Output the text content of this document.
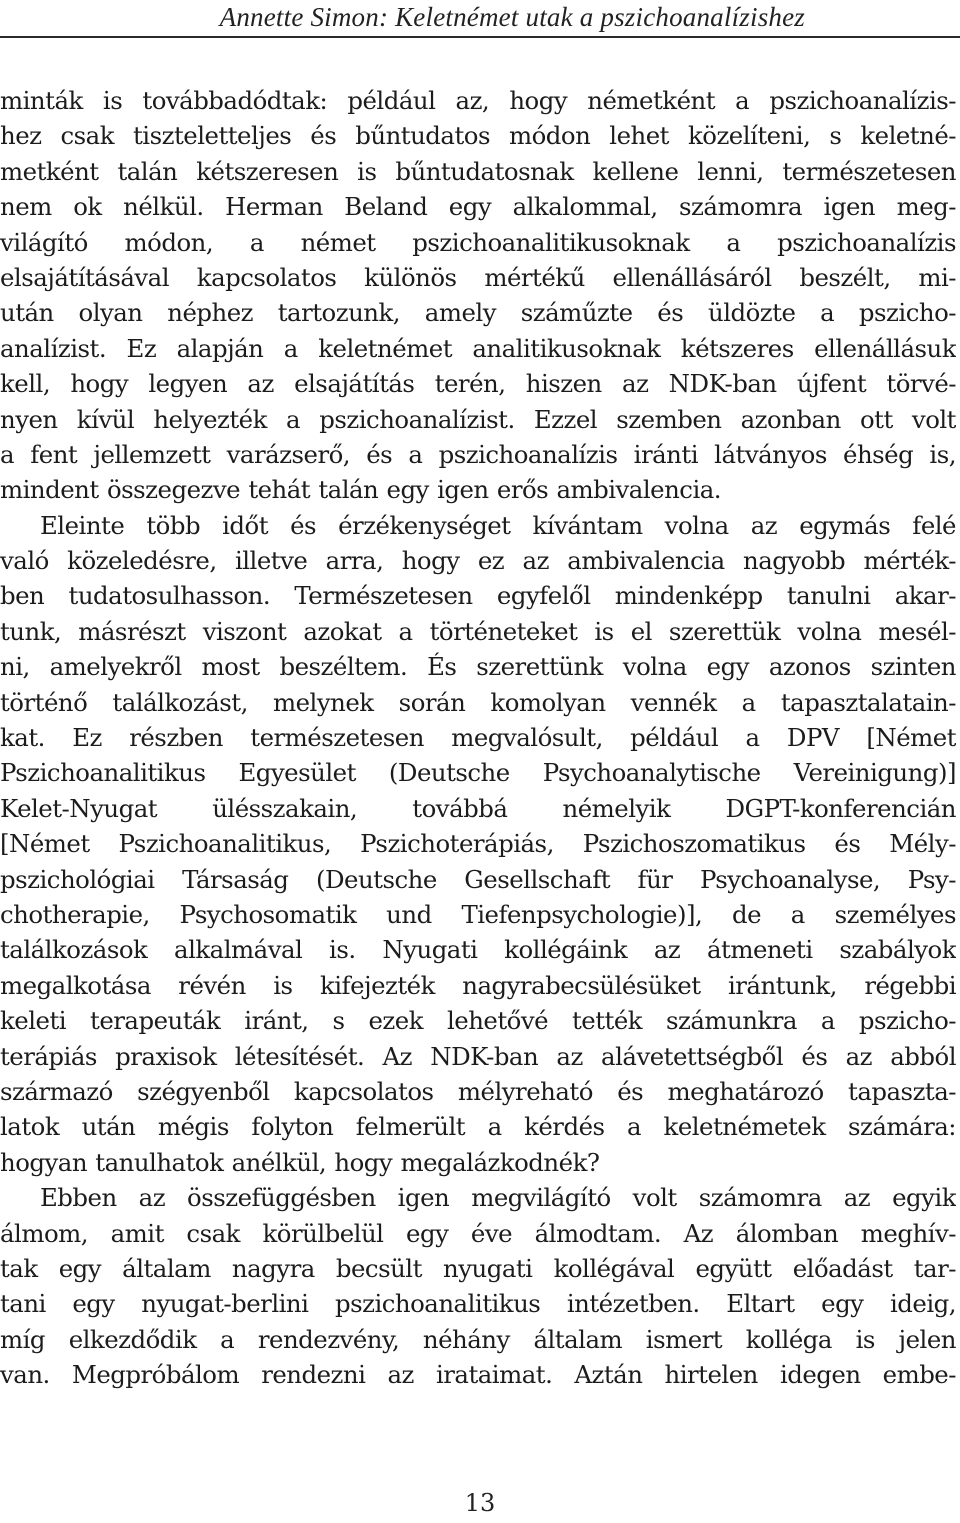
Annette Simon: Keletnémet utak a pszichoanalízishez
minták is továbbadódtak: például az, hogy németként a pszichoanalízis-
hez csak tiszteletteljes és bűntudatos módon lehet közelíteni, s keletné-
metként talán kétszeresen is bűntudatosnak kellene lenni, természetesen
nem ok nélkül. Herman Beland egy alkalommal, számomra igen meg-
világító módon, a német pszichoanalitikusoknak a pszichoanalízis
elsajátításával kapcsolatos különös mértékű ellenállásáról beszélt, mi-
után olyan néphez tartozunk, amely száműzte és üldözte a pszicho-
analízist. Ez alapján a keletnémet analitikusoknak kétszeres ellenállásuk
kell, hogy legyen az elsajátítás terén, hiszen az NDK-ban újfent törvé-
nyen kívül helyezték a pszichoanalízist. Ezzel szemben azonban ott volt
a fent jellemzett varázserő, és a pszichoanalízis iránti látványos éhség is,
mindent összegezve tehát talán egy igen erős ambivalencia.
Eleinte több időt és érzékenységet kívántam volna az egymás felé
való közeledésre, illetve arra, hogy ez az ambivalencia nagyobb mérték-
ben tudatosulhasson. Természetesen egyfelől mindenképp tanulni akar-
tunk, másrészt viszont azokat a történeteket is el szerettük volna mesél-
ni, amelyekről most beszéltem. És szerettünk volna egy azonos szinten
történő találkozást, melynek során komolyan vennék a tapasztalatain-
kat. Ez részben természetesen megvalósult, például a DPV [Német
Pszichoanalitikus Egyesület (Deutsche Psychoanalytische Vereinigung)]
Kelet-Nyugat ülésszakain, továbbá némelyik DGPT-konferencián
[Német Pszichoanalitikus, Pszichoterápiás, Pszichoszomatikus és Mély-
pszichológiai Társaság (Deutsche Gesellschaft für Psychoanalyse, Psy-
chotherapie, Psychosomatik und Tiefenpsychologie)], de a személyes
találkozások alkalmával is. Nyugati kollégáink az átmeneti szabályok
megalkotása révén is kifejezték nagyrabecsülésüket irántunk, régebbi
keleti terapeuták iránt, s ezek lehetővé tették számunkra a pszicho-
terápiás praxisok létesítését. Az NDK-ban az alávetettségből és az abból
származó szégyenből kapcsolatos mélyreható és meghatározó tapaszta-
latok után mégis folyton felmerült a kérdés a keletnémetek számára:
hogyan tanulhatok anélkül, hogy megalázkodnék?
Ebben az összefüggésben igen megvilágító volt számomra az egyik
álmom, amit csak körülbelül egy éve álmodtam. Az álomban meghív-
tak egy általam nagyra becsült nyugati kollégával együtt előadást tar-
tani egy nyugat-berlini pszichoanalitikus intézetben. Eltart egy ideig,
míg elkezdődik a rendezvény, néhány általam ismert kolléga is jelen
van. Megpróbálom rendezni az irataimat. Aztán hirtelen idegen embe-
13
